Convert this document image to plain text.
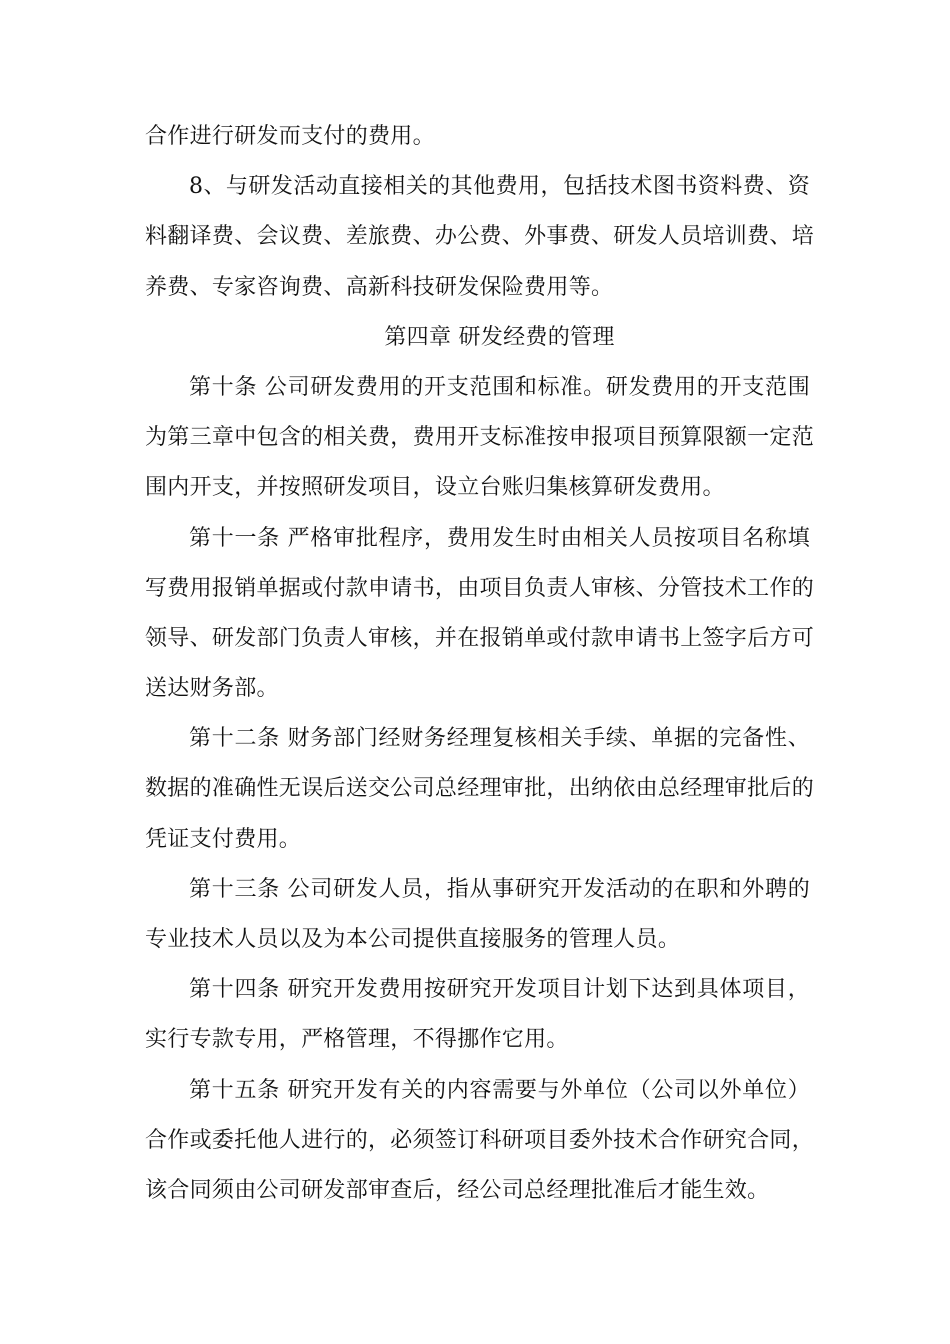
合作进行研发而支付的费用。
8、与研发活动直接相关的其他费用，包括技术图书资料费、资
料翻译费、会议费、差旅费、办公费、外事费、研发人员培训费、培
养费、专家咨询费、高新科技研发保险费用等。
第四章 研发经费的管理
第十条 公司研发费用的开支范围和标准。研发费用的开支范围
为第三章中包含的相关费，费用开支标准按申报项目预算限额一定范
围内开支，并按照研发项目，设立台账归集核算研发费用。
第十一条 严格审批程序，费用发生时由相关人员按项目名称填
写费用报销单据或付款申请书，由项目负责人审核、分管技术工作的
领导、研发部门负责人审核，并在报销单或付款申请书上签字后方可
送达财务部。
第十二条 财务部门经财务经理复核相关手续、单据的完备性、
数据的准确性无误后送交公司总经理审批，出纳依由总经理审批后的
凭证支付费用。
第十三条 公司研发人员，指从事研究开发活动的在职和外聘的
专业技术人员以及为本公司提供直接服务的管理人员。
第十四条 研究开发费用按研究开发项目计划下达到具体项目，
实行专款专用，严格管理，不得挪作它用。
第十五条 研究开发有关的内容需要与外单位（公司以外单位）
合作或委托他人进行的，必须签订科研项目委外技术合作研究合同，
该合同须由公司研发部审查后，经公司总经理批准后才能生效。
